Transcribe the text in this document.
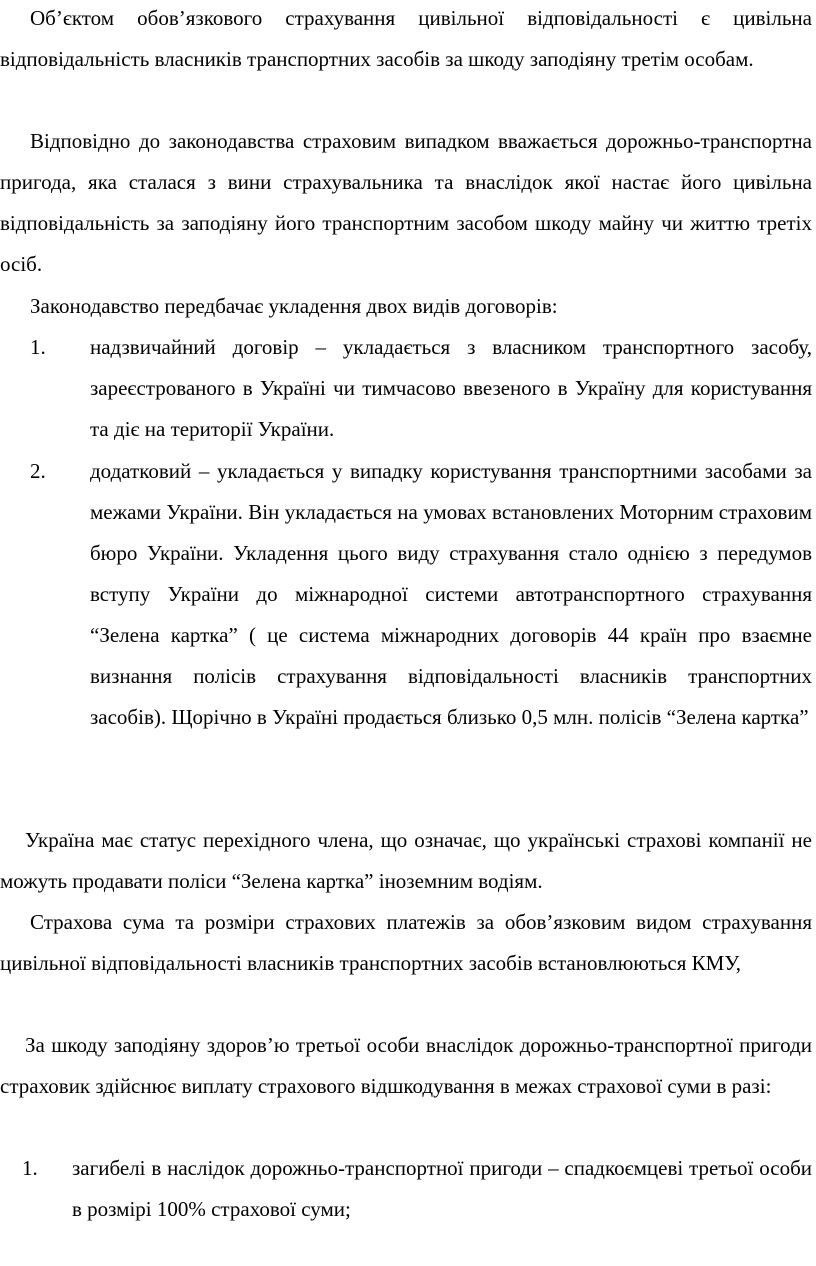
Об’єктом обов’язкового страхування цивільної відповідальності є цивільна відповідальність власників транспортних засобів за шкоду заподіяну третім особам.

Відповідно до законодавства страховим випадком вважається дорожньо-транспортна пригода, яка сталася з вини страхувальника та внаслідок якої настає його цивільна відповідальність за заподіяну його транспортним засобом шкоду майну чи життю третіх осіб.

Законодавство передбачає укладення двох видів договорів:

1. надзвичайний договір – укладається з власником транспортного засобу, зареєстрованого в Україні чи тимчасово ввезеного в Україну для користування та діє на території України.
2. додатковий – укладається у випадку користування транспортними засобами за межами України. Він укладається на умовах встановлених Моторним страховим бюро України. Укладення цього виду страхування стало однією з передумов вступу України до міжнародної системи автотранспортного страхування “Зелена картка” ( це система міжнародних договорів 44 країн про взаємне визнання полісів страхування відповідальності власників транспортних засобів). Щорічно в Україні продається близько 0,5 млн. полісів “Зелена картка”

Україна має статус перехідного члена, що означає, що українські страхові компанії не можуть продавати поліси “Зелена картка” іноземним водіям.

Страхова сума та розміри страхових платежів за обов’язковим видом страхування цивільної відповідальності власників транспортних засобів встановлюються КМУ,

За шкоду заподіяну здоров’ю третьої особи внаслідок дорожньо-транспортної пригоди страховик здійснює виплату страхового відшкодування в межах страхової суми в разі:

1. загибелі в наслідок дорожньо-транспортної пригоди – спадкоємцеві третьої особи в розмірі 100% страхової суми;
